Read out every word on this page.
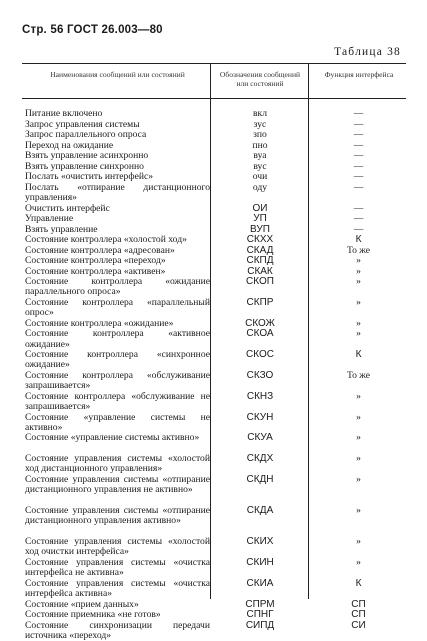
Стр. 56 ГОСТ 26.003—80
Таблица 38
Наименования сообщений или состояний	Обозначения сообщений или состояний
Функция интерфейса
Питание включено	вкл	—
Запрос управления системы	зус	—
Запрос параллельного опроса	зпо	—
Переход на ожидание	пно	—
Взять управление асинхронно	вуа	—
Взять управление синхронно	вус	—
Послать «очистить интерфейс»	очи	—
Послать «отпирание дистанционного управления»
оду	—
Очистить интерфейс	ОИ	—
Управление	УП	—
Взять управление	ВУП	—
Состояние контроллера «холостой ход»	СКХХ	К
Состояние контроллера «адресован»	СКАД	То же
Состояние контроллера «переход»	СКПД	»
Состояние контроллера «активен»	СКАК	»
Состояние контроллера «ожидание параллельного опроса»
СКОП	»
Состояние контроллера «параллельный опрос»
СКПР	»
Состояние контроллера «ожидание»	СКОЖ	»
Состояние контроллера «активное ожидание»
СКОА	»
Состояние контроллера «синхронное ожидание»
СКОС	К
Состояние контроллера «обслуживание запрашивается»
СКЗО	То же
Состояние контроллера «обслуживание не запрашивается»
СКНЗ	»
Состояние «управление системы не активно»
СКУН	»
Состояние «управление системы активно»	СКУА	»
Состояние управления системы «холостой ход дистанционного управления»
СКДХ	»
Состояние управления системы «отпирание дистанционного управления не активно»
СКДН	»
Состояние управления системы «отпирание дистанционного управления активно»
СКДА	»
Состояние управления системы «холостой ход очистки интерфейса»
СКИХ	»
Состояние управления системы «очистка интерфейса не активна»
СКИН	»
Состояние управления системы «очистка интерфейса активна»
СКИА	К
Состояние «прием данных»	СПРМ	СП
Состояние приемника «не готов»	СПНГ	СП
Состояние синхронизации передачи источника «переход»
СИПД	СИ
